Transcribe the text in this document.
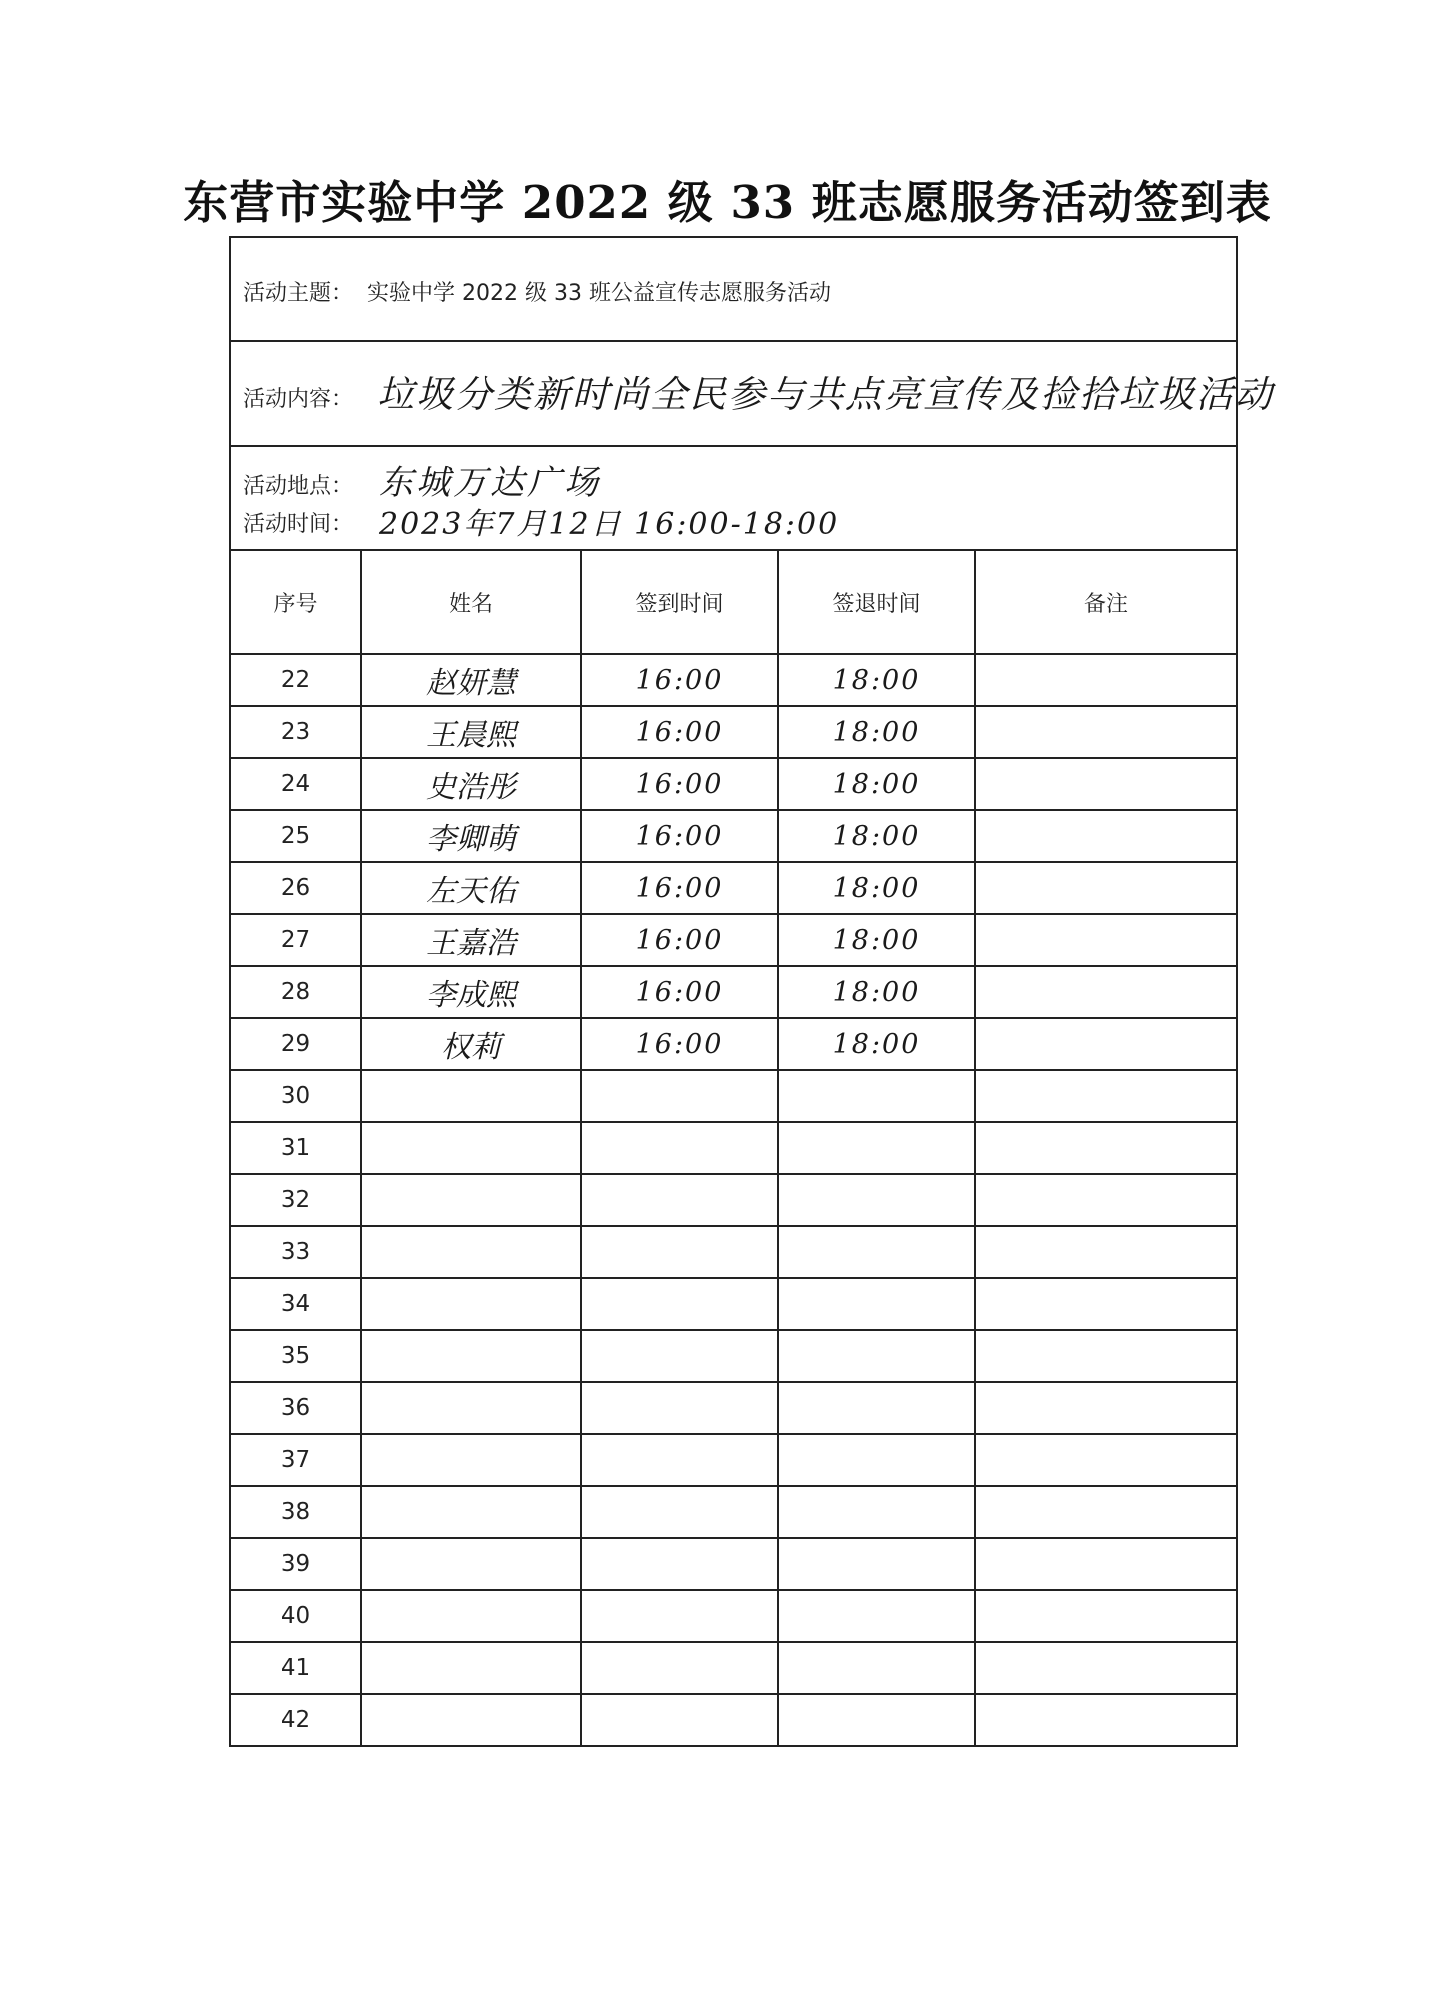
东营市实验中学 2022 级 33 班志愿服务活动签到表
活动主题： 实验中学 2022 级 33 班公益宣传志愿服务活动
活动内容： 垃圾分类新时尚全民参与共点亮宣传及捡拾垃圾活动
活动地点： 东城万达广场
活动时间： 2023年7月12日 16:00-18:00
序号	姓名	签到时间	签退时间	备注
22	赵妍慧	16:00	18:00	
23	王晨熙	16:00	18:00	
24	史浩彤	16:00	18:00	
25	李卿萌	16:00	18:00	
26	左天佑	16:00	18:00	
27	王嘉浩	16:00	18:00	
28	李成熙	16:00	18:00	
29	权莉	16:00	18:00	
30				
31				
32				
33				
34				
35				
36				
37				
38				
39				
40				
41				
42				
